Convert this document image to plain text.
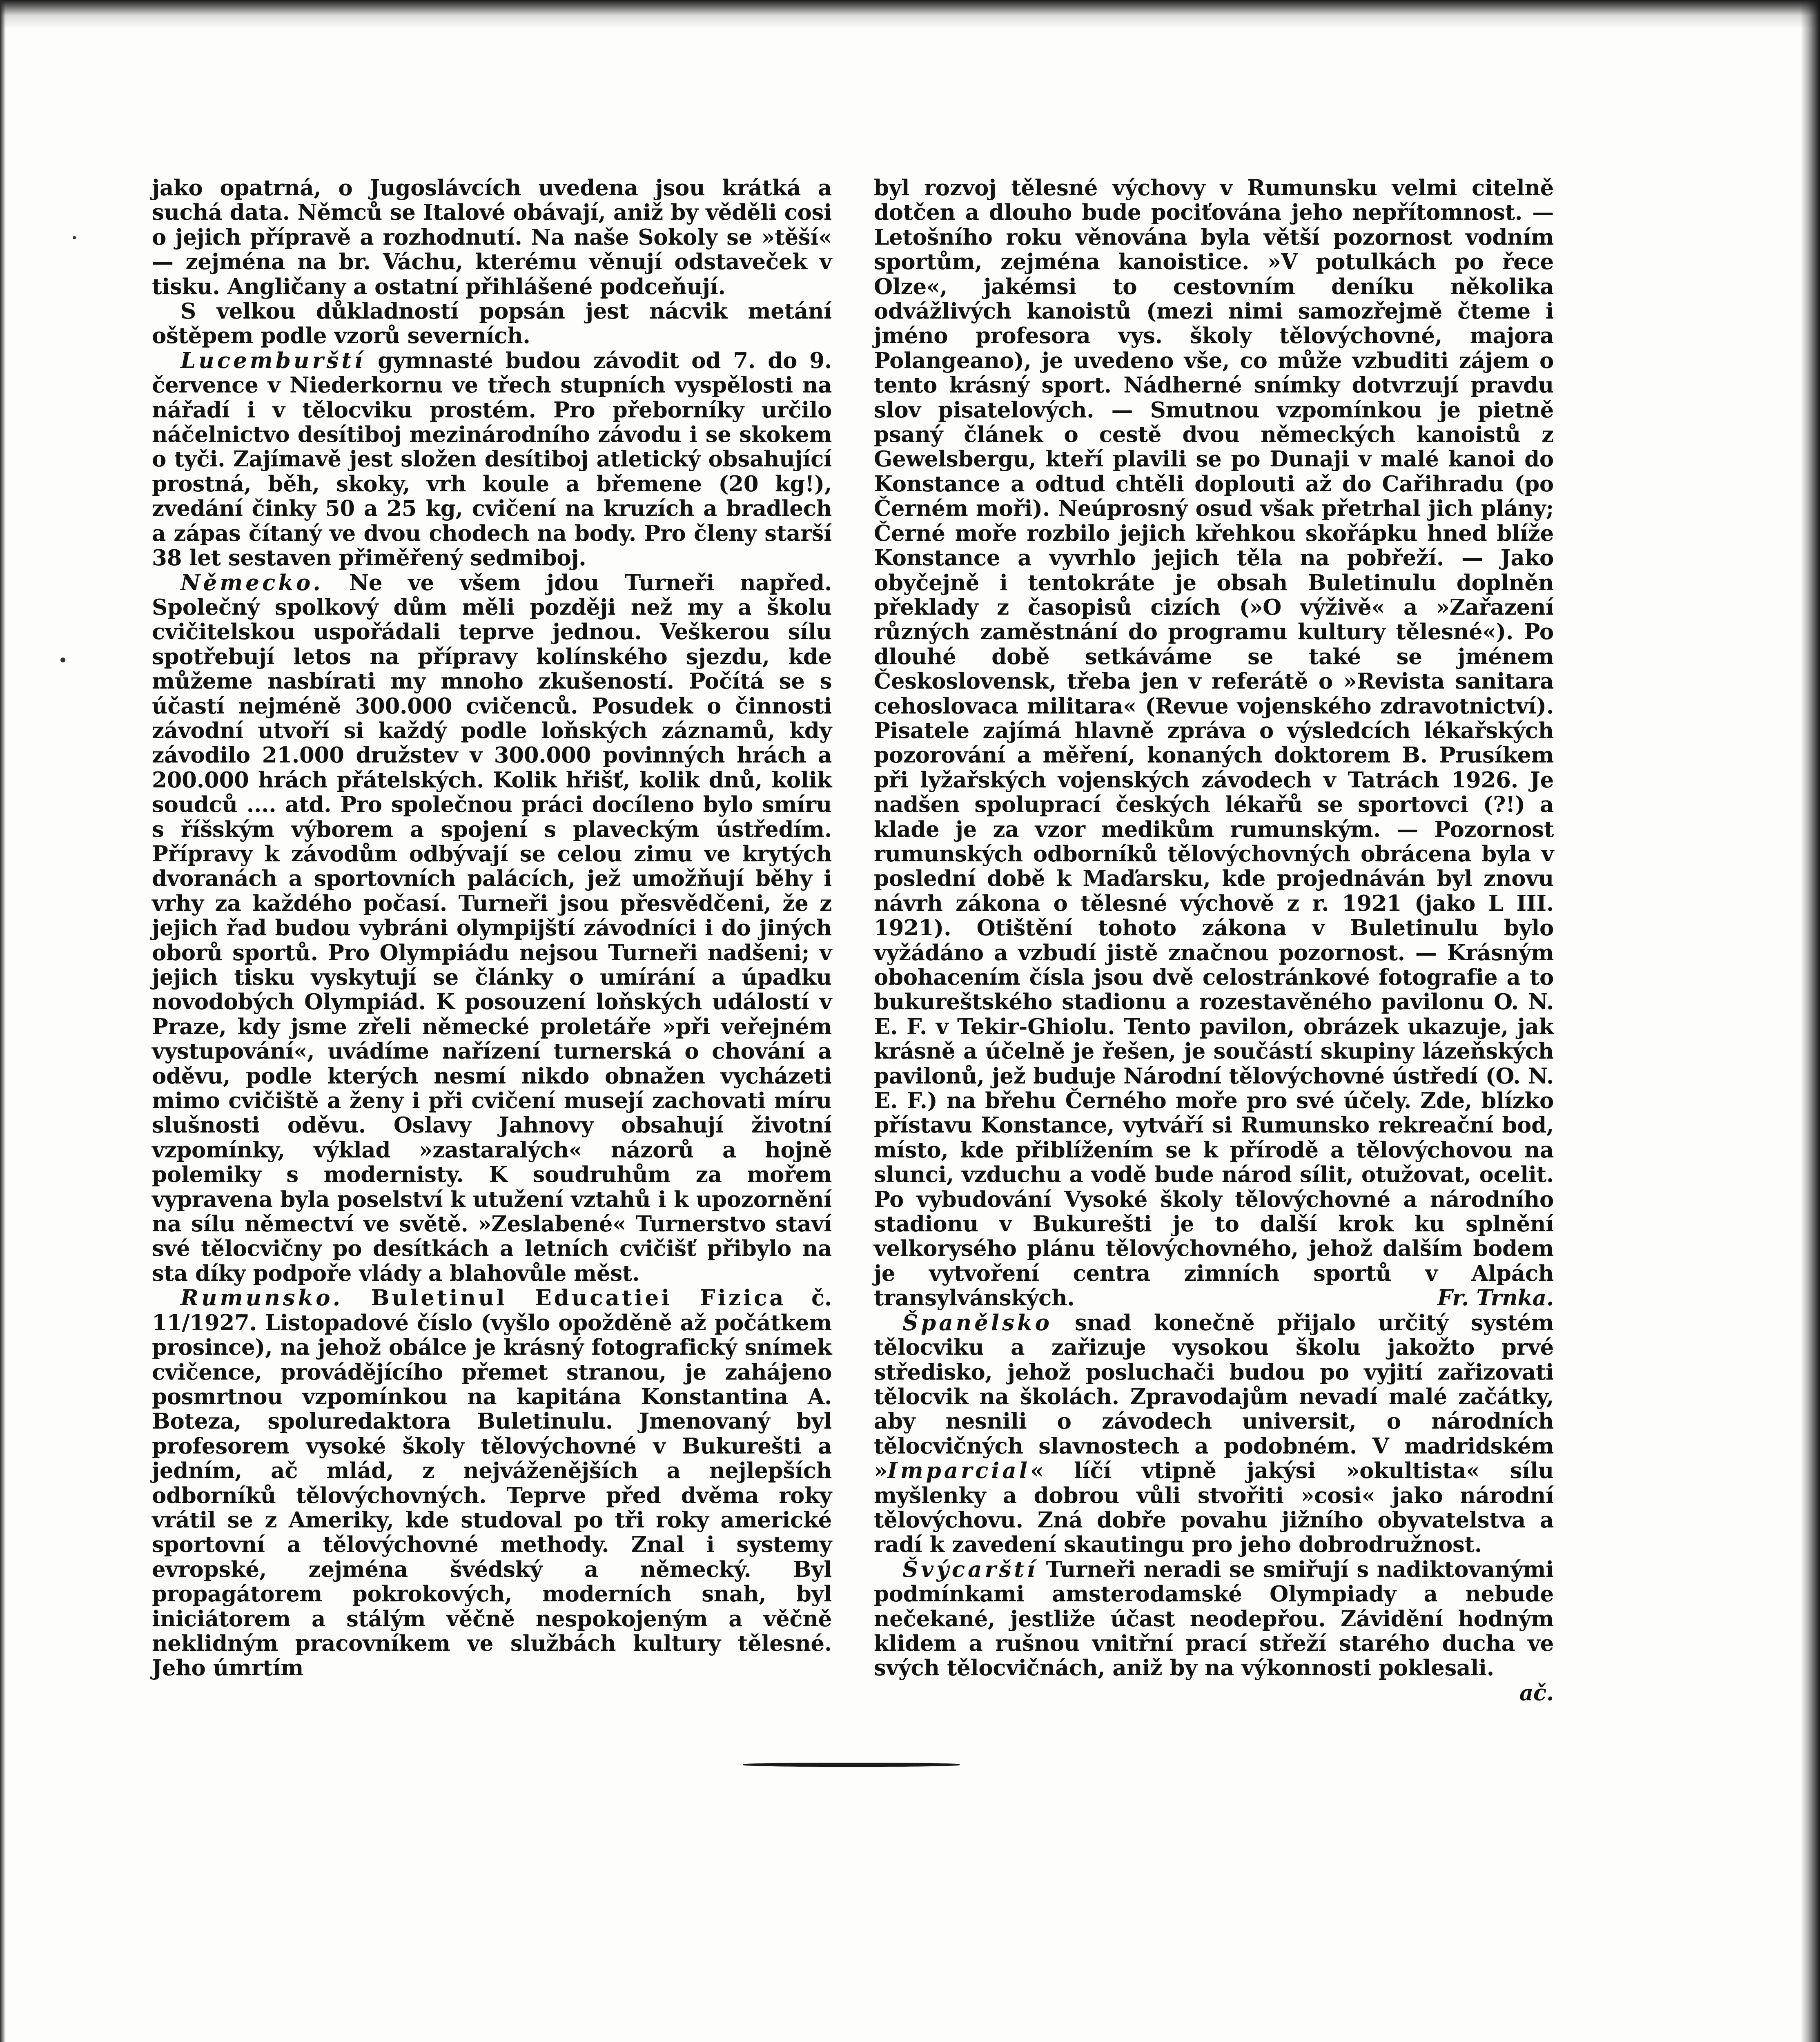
jako opatrná, o Jugoslávcích uvedena jsou krátká a suchá data. Němců se Italové obávají, aniž by věděli cosi o jejich přípravě a rozhodnutí. Na naše Sokoly se »těší« — zejména na br. Váchu, kterému věnují odstaveček v tisku. Angličany a ostatní přihlášené podceňují.

S velkou důkladností popsán jest nácvik metání oštěpem podle vzorů severních.

Lucemburští gymnasté budou závodit od 7. do 9. července v Niederkornu ve třech stupních vyspělosti na nářadí i v tělocviku prostém. Pro přeborníky určilo náčelnictvo desítiboj mezinárodního závodu i se skokem o tyči. Zajímavě jest složen desítiboj atletický obsahující prostná, běh, skoky, vrh koule a břemene (20 kg!), zvedání činky 50 a 25 kg, cvičení na kruzích a bradlech a zápas čítaný ve dvou chodech na body. Pro členy starší 38 let sestaven přiměřený sedmiboj.

Německo. Ne ve všem jdou Turneři napřed. Společný spolkový dům měli později než my a školu cvičitelskou uspořádali teprve jednou. Veškerou sílu spotřebují letos na přípravy kolínského sjezdu, kde můžeme nasbírati my mnoho zkušeností. Počítá se s účastí nejméně 300.000 cvičenců. Posudek o činnosti závodní utvoří si každý podle loňských záznamů, kdy závodilo 21.000 družstev v 300.000 povinných hrách a 200.000 hrách přátelských. Kolik hřišť, kolik dnů, kolik soudců .... atd. Pro společnou práci docíleno bylo smíru s říšským výborem a spojení s plaveckým ústředím. Přípravy k závodům odbývají se celou zimu ve krytých dvoranách a sportovních palácích, jež umožňují běhy i vrhy za každého počasí. Turneři jsou přesvědčeni, že z jejich řad budou vybráni olympijští závodníci i do jiných oborů sportů. Pro Olympiádu nejsou Turneři nadšeni; v jejich tisku vyskytují se články o umírání a úpadku novodobých Olympiád. K posouzení loňských událostí v Praze, kdy jsme zřeli německé proletáře »při veřejném vystupování«, uvádíme nařízení turnerská o chování a oděvu, podle kterých nesmí nikdo obnažen vycházeti mimo cvičiště a ženy i při cvičení musejí zachovati míru slušnosti oděvu. Oslavy Jahnovy obsahují životní vzpomínky, výklad »zastaralých« názorů a hojně polemiky s modernisty. K soudruhům za mořem vypravena byla poselství k utužení vztahů i k upozornění na sílu němectví ve světě. »Zeslabené« Turnerstvo staví své tělocvičny po desítkách a letních cvičišť přibylo na sta díky podpoře vlády a blahovůle měst.

Rumunsko. Buletinul Educatiei Fizica č. 11/1927. Listopadové číslo (vyšlo opožděně až počátkem prosince), na jehož obálce je krásný fotografický snímek cvičence, provádějícího přemet stranou, je zahájeno posmrtnou vzpomínkou na kapitána Konstantina A. Boteza, spoluredaktora Buletinulu. Jmenovaný byl profesorem vysoké školy tělovýchovné v Bukurešti a jedním, ač mlád, z nejváženějších a nejlepších odborníků tělovýchovných. Teprve před dvěma roky vrátil se z Ameriky, kde studoval po tři roky americké sportovní a tělovýchovné methody. Znal i systemy evropské, zejména švédský a německý. Byl propagátorem pokrokových, moderních snah, byl iniciátorem a stálým věčně nespokojeným a věčně neklidným pracovníkem ve službách kultury tělesné. Jeho úmrtím

byl rozvoj tělesné výchovy v Rumunsku velmi citelně dotčen a dlouho bude pociťována jeho nepřítomnost. — Letošního roku věnována byla větší pozornost vodním sportům, zejména kanoistice. »V potulkách po řece Olze«, jakémsi to cestovním deníku několika odvážlivých kanoistů (mezi nimi samozřejmě čteme i jméno profesora vys. školy tělovýchovné, majora Polangeano), je uvedeno vše, co může vzbuditi zájem o tento krásný sport. Nádherné snímky dotvrzují pravdu slov pisatelových. — Smutnou vzpomínkou je pietně psaný článek o cestě dvou německých kanoistů z Gewelsbergu, kteří plavili se po Dunaji v malé kanoi do Konstance a odtud chtěli doplouti až do Cařihradu (po Černém moři). Neúprosný osud však přetrhal jich plány; Černé moře rozbilo jejich křehkou skořápku hned blíže Konstance a vyvrhlo jejich těla na pobřeží. — Jako obyčejně i tentokráte je obsah Buletinulu doplněn překlady z časopisů cizích (»O výživě« a »Zařazení různých zaměstnání do programu kultury tělesné«). Po dlouhé době setkáváme se také se jménem Československ, třeba jen v referátě o »Revista sanitara cehoslovaca militara« (Revue vojenského zdravotnictví). Pisatele zajímá hlavně zpráva o výsledcích lékařských pozorování a měření, konaných doktorem B. Prusíkem při lyžařských vojenských závodech v Tatrách 1926. Je nadšen spoluprací českých lékařů se sportovci (?!) a klade je za vzor medikům rumunským. — Pozornost rumunských odborníků tělovýchovných obrácena byla v poslední době k Maďarsku, kde projednáván byl znovu návrh zákona o tělesné výchově z r. 1921 (jako L III. 1921). Otištění tohoto zákona v Buletinulu bylo vyžádáno a vzbudí jistě značnou pozornost. — Krásným obohacením čísla jsou dvě celostránkové fotografie a to bukureštského stadionu a rozestavěného pavilonu O. N. E. F. v Tekir-Ghiolu. Tento pavilon, obrázek ukazuje, jak krásně a účelně je řešen, je součástí skupiny lázeňských pavilonů, jež buduje Národní tělovýchovné ústředí (O. N. E. F.) na břehu Černého moře pro své účely. Zde, blízko přístavu Konstance, vytváří si Rumunsko rekreační bod, místo, kde přiblížením se k přírodě a tělovýchovou na slunci, vzduchu a vodě bude národ sílit, otužovat, ocelit. Po vybudování Vysoké školy tělovýchovné a národního stadionu v Bukurešti je to další krok ku splnění velkorysého plánu tělovýchovného, jehož dalším bodem je vytvoření centra zimních sportů v Alpách transylvánských.	Fr. Trnka.

Španělsko snad konečně přijalo určitý systém tělocviku a zařizuje vysokou školu jakožto prvé středisko, jehož posluchači budou po vyjití zařizovati tělocvik na školách. Zpravodajům nevadí malé začátky, aby nesnili o závodech universit, o národních tělocvičných slavnostech a podobném. V madridském »Imparcial« líčí vtipně jakýsi »okultista« sílu myšlenky a dobrou vůli stvořiti »cosi« jako národní tělovýchovu. Zná dobře povahu jižního obyvatelstva a radí k zavedení skautingu pro jeho dobrodružnost.

Švýcarští Turneři neradi se smiřují s nadiktovanými podmínkami amsterodamské Olympiady a nebude nečekané, jestliže účast neodepřou. Závidění hodným klidem a rušnou vnitřní prací střeží starého ducha ve svých tělocvičnách, aniž by na výkonnosti poklesali.
ač.
